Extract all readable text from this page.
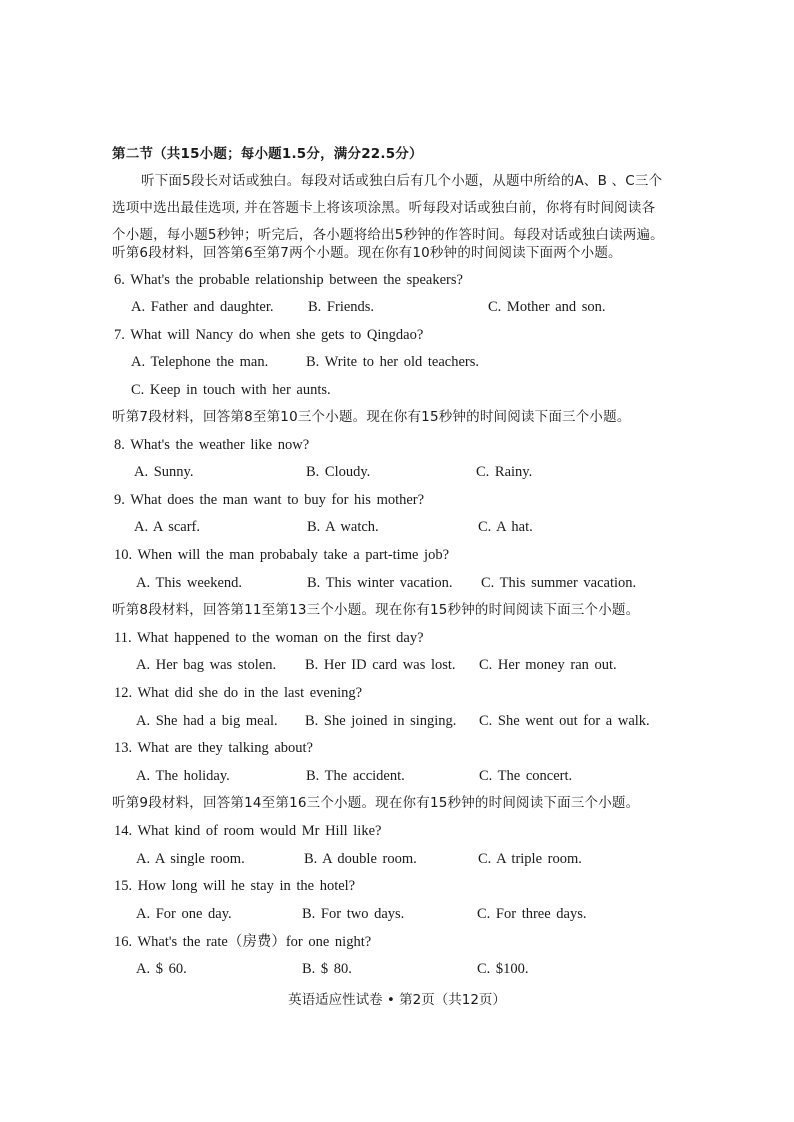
第二节（共15小题；每小题1.5分，满分22.5分）
听下面5段长对话或独白。每段对话或独白后有几个小题，从题中所给的A、B 、C三个
选项中选出最佳选项, 并在答题卡上将该项涂黑。听每段对话或独白前，你将有时间阅读各
个小题，每小题5秒钟；听完后，各小题将给出5秒钟的作答时间。每段对话或独白读两遍。
听第6段材料，回答第6至第7两个小题。现在你有10秒钟的时间阅读下面两个小题。
6. What's the probable relationship between the speakers?
A. Father and daughter. B. Friends.	C. Mother and son.
7. What will Nancy do when she gets to Qingdao?
A. Telephone the man.	B. Write to her old teachers.
C. Keep in touch with her aunts.
听第7段材料，回答第8至第10三个小题。现在你有15秒钟的时间阅读下面三个小题。
8. What's the weather like now?
A. Sunny.	B. Cloudy.	C. Rainy.
9. What does the man want to buy for his mother?
A. A scarf.	B. A watch.	C. A hat.
10. When will the man probabaly take a part-time job?
A. This weekend.	B. This winter vacation. C. This summer vacation.
听第8段材料，回答第11至第13三个小题。现在你有15秒钟的时间阅读下面三个小题。
11. What happened to the woman on the first day?
A. Her bag was stolen. B. Her ID card was lost. C. Her money ran out.
12. What did she do in the last evening?
A. She had a big meal. B. She joined in singing. C. She went out for a walk.
13. What are they talking about?
A. The holiday.	B. The accident.	C. The concert.
听第9段材料，回答第14至第16三个小题。现在你有15秒钟的时间阅读下面三个小题。
14. What kind of room would Mr Hill like?
A. A single room.	B. A double room.	C. A triple room.
15. How long will he stay in the hotel?
A. For one day.	B. For two days.	C. For three days.
16. What's the rate（房费）for one night?
A. $ 60.	B. $ 80.	C. $100.
英语适应性试卷 • 第2页（共12页）
